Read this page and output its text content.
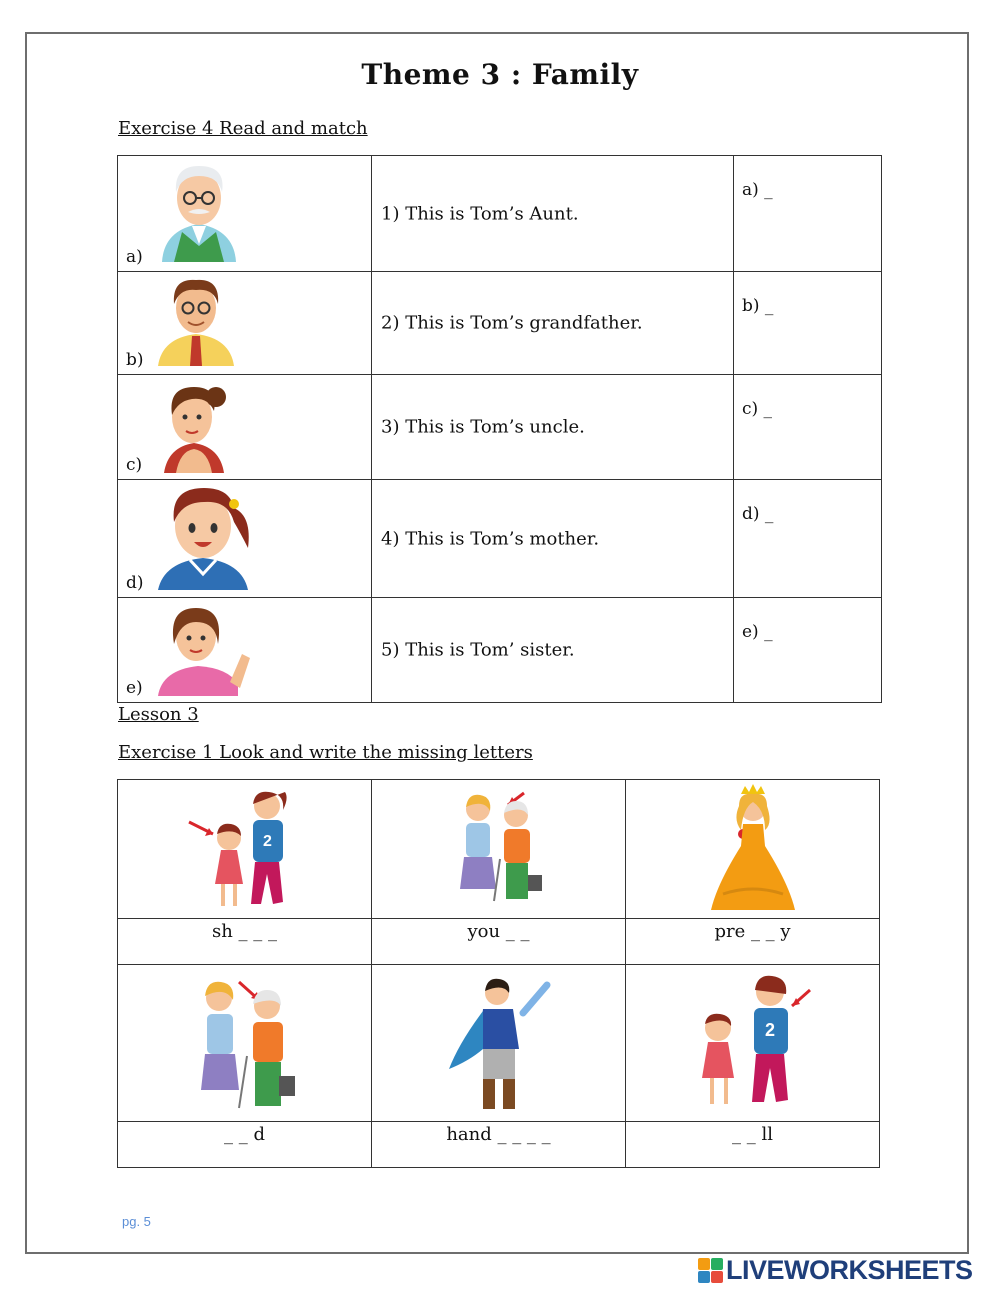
Theme 3 : Family
Exercise 4 Read and match
a)	1) This is Tom’s Aunt.	a) _

b)	2) This is Tom’s grandfather.	b) _

c)	3) This is Tom’s uncle.	c) _

d)	4) This is Tom’s mother.	d) _

e)	5) This is Tom’ sister.	e) _
Lesson 3
Exercise 1 Look and write the missing letters
2

sh _ _ _	you _ _	pre _ _ y

2

_ _ d	hand _ _ _ _	_ _ ll
pg. 5
LIVEWORKSHEETS
